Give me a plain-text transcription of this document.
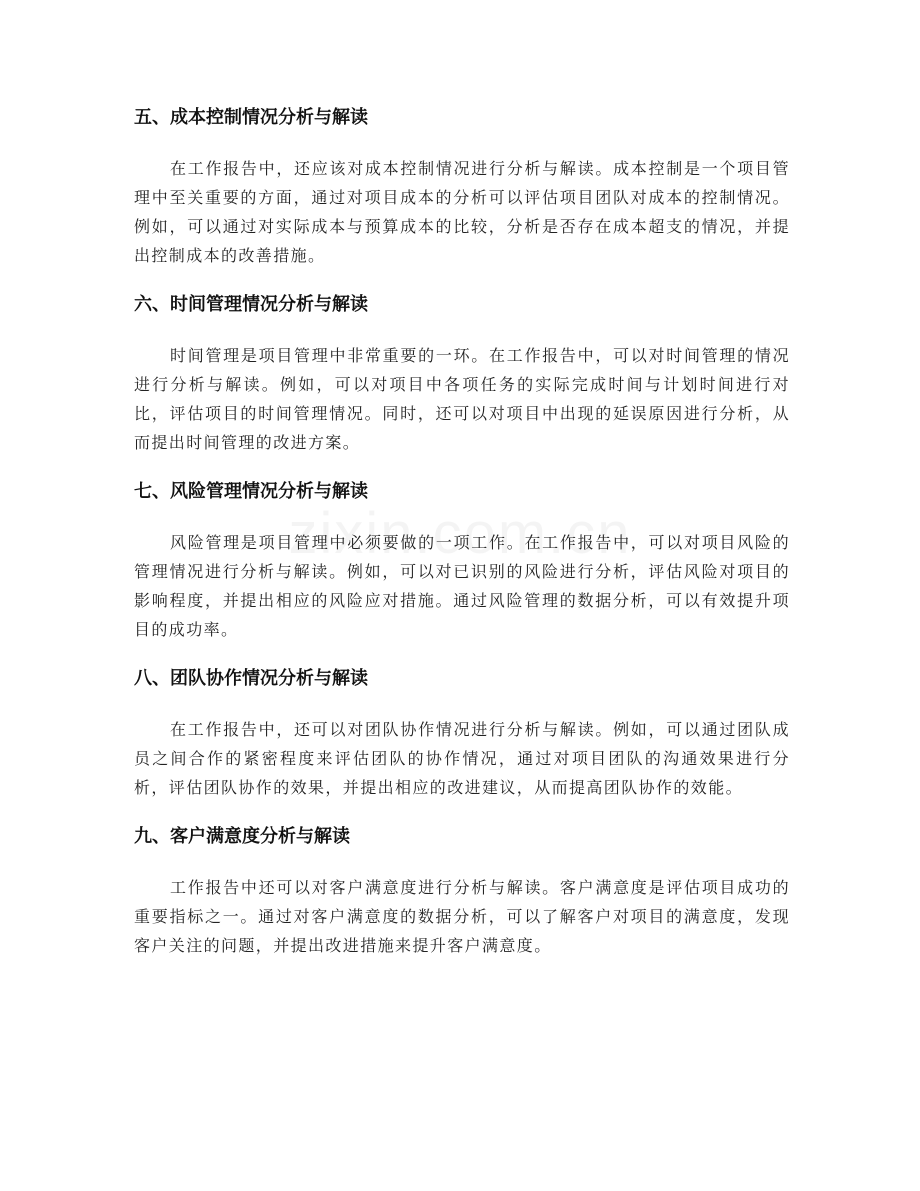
五、成本控制情况分析与解读

在工作报告中，还应该对成本控制情况进行分析与解读。成本控制是一个项目管理中至关重要的方面，通过对项目成本的分析可以评估项目团队对成本的控制情况。例如，可以通过对实际成本与预算成本的比较，分析是否存在成本超支的情况，并提出控制成本的改善措施。

六、时间管理情况分析与解读

时间管理是项目管理中非常重要的一环。在工作报告中，可以对时间管理的情况进行分析与解读。例如，可以对项目中各项任务的实际完成时间与计划时间进行对比，评估项目的时间管理情况。同时，还可以对项目中出现的延误原因进行分析，从而提出时间管理的改进方案。

七、风险管理情况分析与解读

风险管理是项目管理中必须要做的一项工作。在工作报告中，可以对项目风险的管理情况进行分析与解读。例如，可以对已识别的风险进行分析，评估风险对项目的影响程度，并提出相应的风险应对措施。通过风险管理的数据分析，可以有效提升项目的成功率。

八、团队协作情况分析与解读

在工作报告中，还可以对团队协作情况进行分析与解读。例如，可以通过团队成员之间合作的紧密程度来评估团队的协作情况，通过对项目团队的沟通效果进行分析，评估团队协作的效果，并提出相应的改进建议，从而提高团队协作的效能。

九、客户满意度分析与解读

工作报告中还可以对客户满意度进行分析与解读。客户满意度是评估项目成功的重要指标之一。通过对客户满意度的数据分析，可以了解客户对项目的满意度，发现客户关注的问题，并提出改进措施来提升客户满意度。
